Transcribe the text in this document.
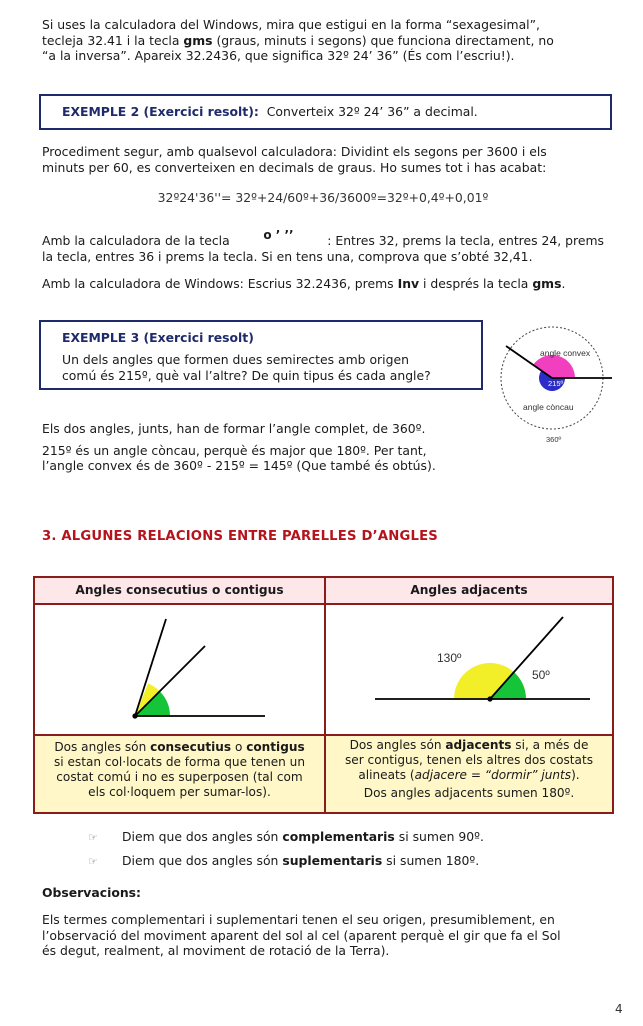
Si uses la calculadora del Windows, mira que estigui en la forma “sexagesimal”,
tecleja 32.41 i la tecla gms (graus, minuts i segons) que funciona directament, no
“a la inversa”. Apareix 32.2436, que significa 32º 24’ 36” (És com l’escriu!).
EXEMPLE 2 (Exercici resolt): Converteix 32º 24’ 36” a decimal.
Procediment segur, amb qualsevol calculadora: Dividint els segons per 3600 i els
minuts per 60, es converteixen en decimals de graus. Ho sumes tot i has acabat:
32º24'36''= 32º+24/60º+36/3600º=32º+0,4º+0,01º
Amb la calculadora de la tecla	o ’ ’’	: Entres 32, prems la tecla, entres 24, prems
la tecla, entres 36 i prems la tecla. Si en tens una, comprova que s’obté 32,41.
Amb la calculadora de Windows: Escrius 32.2436, prems Inv i després la tecla gms.
EXEMPLE 3 (Exercici resolt)
Un dels angles que formen dues semirectes amb origen
comú és 215º, què val l’altre? De quin tipus és cada angle?
angle convex
215º
angle còncau
360º
Els dos angles, junts, han de formar l’angle complet, de 360º.
215º és un angle còncau, perquè és major que 180º. Per tant,
l’angle convex és de 360º - 215º = 145º (Que també és obtús).
3. ALGUNES RELACIONS ENTRE PARELLES D’ANGLES
Angles consecutius o contigus	Angles adjacents
130º
50º
Dos angles són consecutius o contigus
si estan col·locats de forma que tenen un
costat comú i no es superposen (tal com
els col·loquem per sumar-los).
Dos angles són adjacents si, a més de
ser contigus, tenen els altres dos costats
alineats (adjacere = “dormir” junts).
Dos angles adjacents sumen 180º.
☞ Diem que dos angles són complementaris si sumen 90º.
☞ Diem que dos angles són suplementaris si sumen 180º.
Observacions:
Els termes complementari i suplementari tenen el seu origen, presumiblement, en
l’observació del moviment aparent del sol al cel (aparent perquè el gir que fa el Sol
és degut, realment, al moviment de rotació de la Terra).
4
